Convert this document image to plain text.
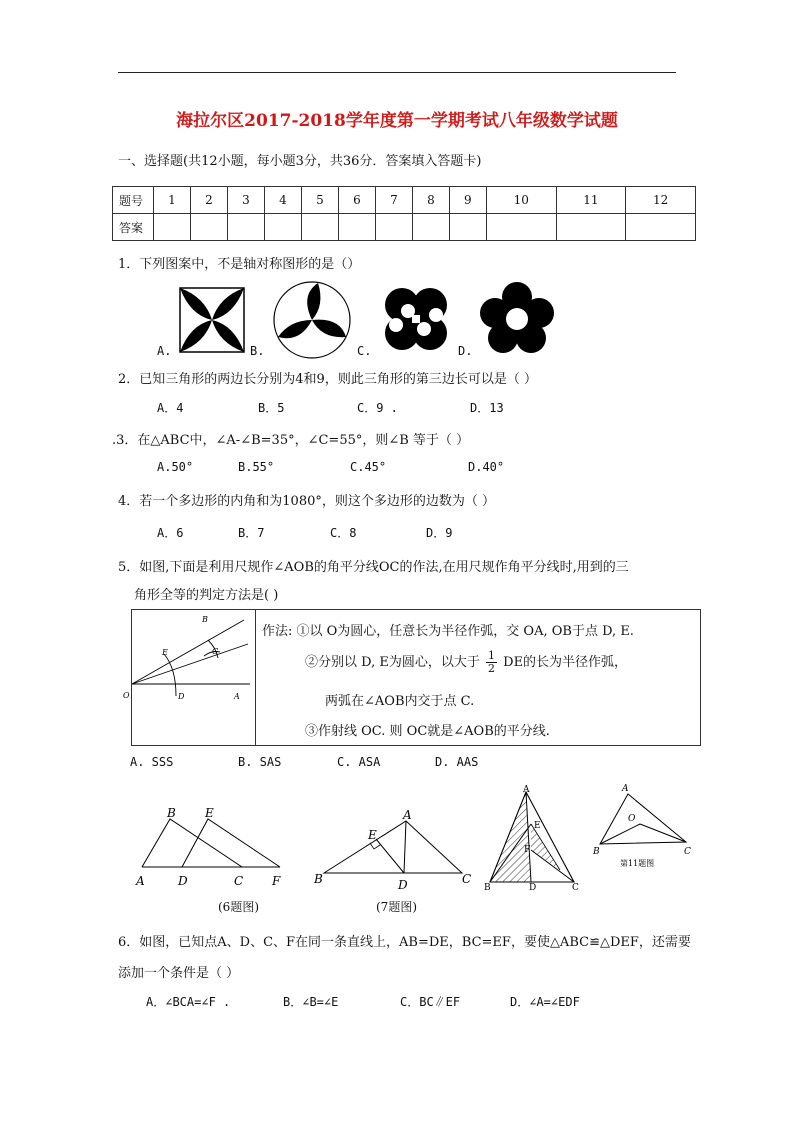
海拉尔区2017-2018学年度第一学期考试八年级数学试题
一、选择题(共12小题，每小题3分，共36分．答案填入答题卡)
题号	1	2	3	4	5	6	7	8	9	10	11	12
答案												
1．下列图案中，不是轴对称图形的是（）
A.	B.	C.	D.
2．已知三角形的两边长分别为4和9，则此三角形的第三边长可以是（ ）
A．4	B．5	C．9 .	D．13
.3．在△ABC中，∠A-∠B=35°，∠C=55°，则∠B 等于（ ）
A.50°	B.55°	C.45°	D.40°
4．若一个多边形的内角和为1080°，则这个多边形的边数为（ ）
A．6	B．7	C．8	D．9
5．如图,下面是利用尺规作∠AOB的角平分线OC的作法,在用尺规作角平分线时,用到的三
角形全等的判定方法是( )
B
E	C
O	D	A
作法: ①以 O为圆心，任意长为半径作弧，交 OA, OB于点 D, E.
②分别以 D, E为圆心，以大于 $\frac{1}{2}$ DE的长为半径作弧，
两弧在∠AOB内交于点 C.
③作射线 OC. 则 OC就是∠AOB的平分线.
A. SSS	B. SAS	C. ASA	D. AAS
A
B
D
E
C F
(6题图)
E
A
B	D	C
(7题图)
A
E
F
B	D	C
A
O
B	C
第11题图
6．如图，已知点A、D、C、F在同一条直线上，AB=DE，BC=EF，要使△ABC≌△DEF，还需要
添加一个条件是（ ）
A．∠BCA=∠F .	B．∠B=∠E	C．BC∥EF	D．∠A=∠EDF
